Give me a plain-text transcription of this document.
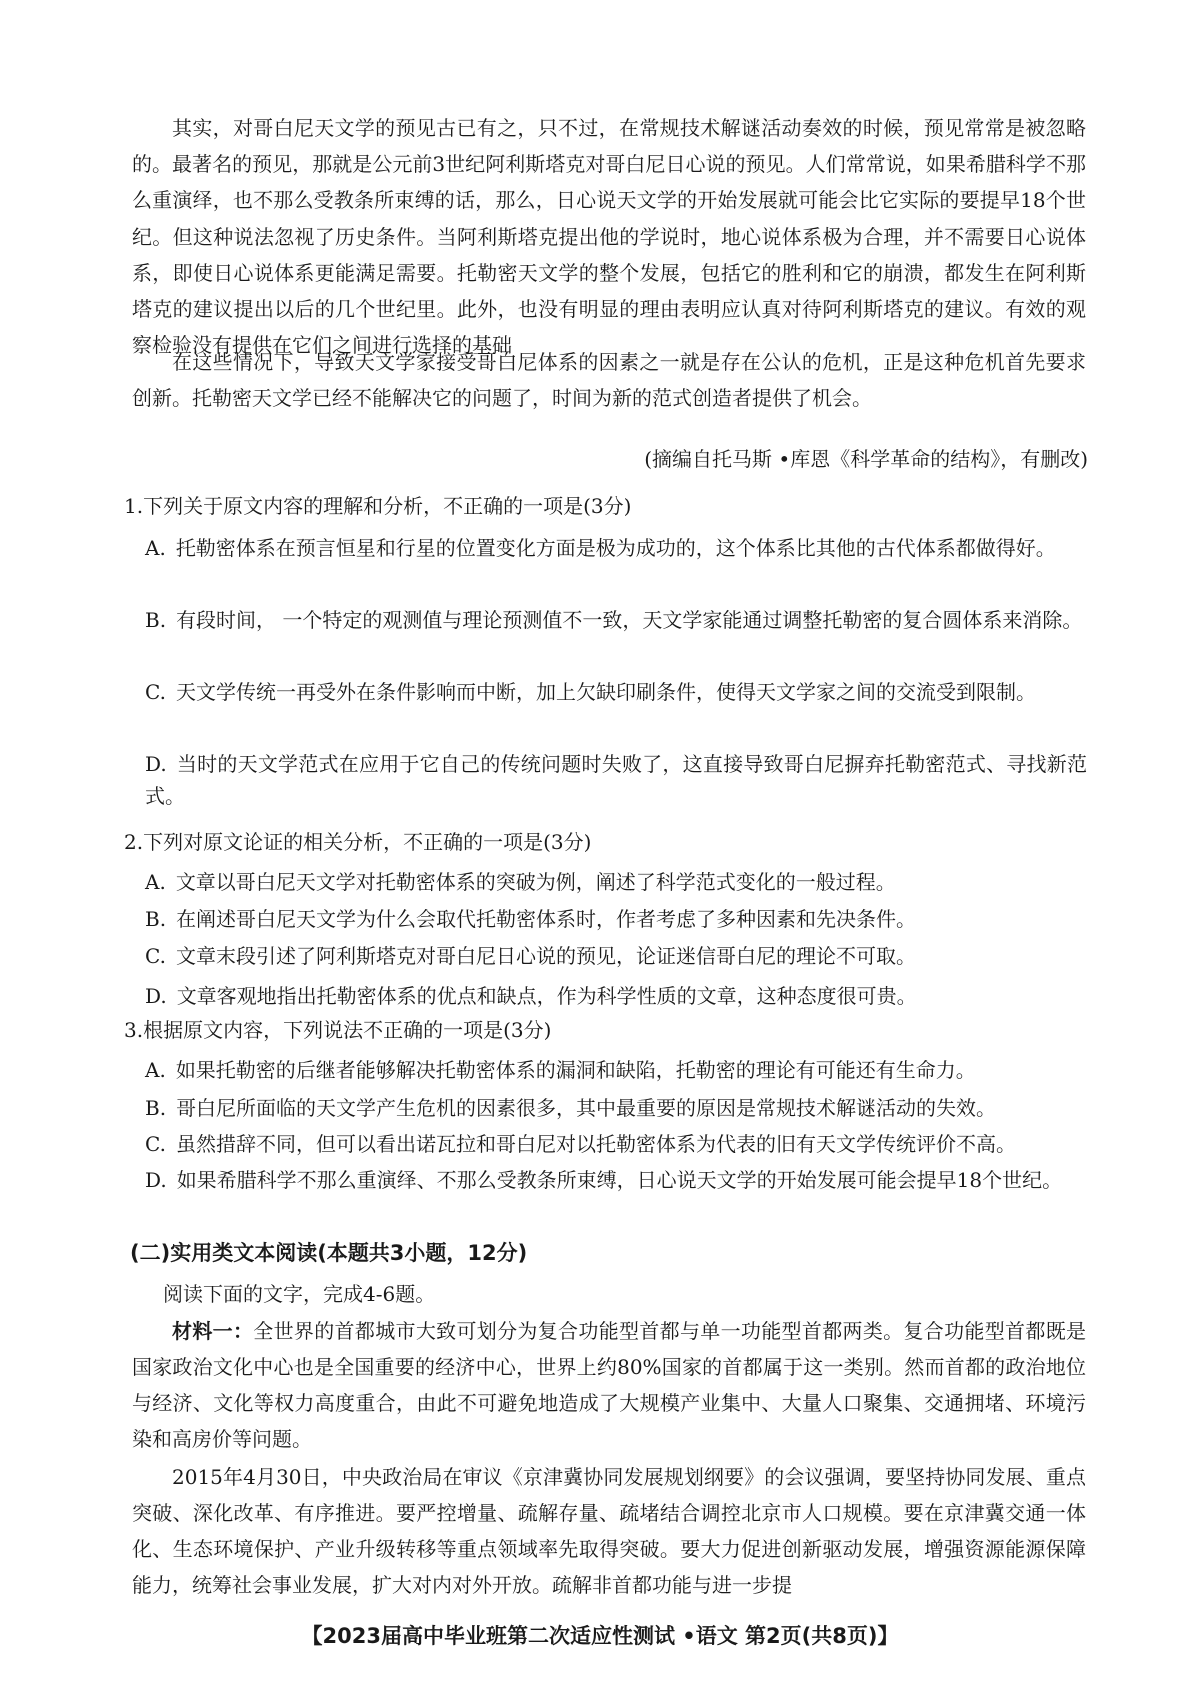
其实，对哥白尼天文学的预见古已有之，只不过，在常规技术解谜活动奏效的时候，预见常常是被忽略的。最著名的预见，那就是公元前3世纪阿利斯塔克对哥白尼日心说的预见。人们常常说，如果希腊科学不那么重演绎，也不那么受教条所束缚的话，那么，日心说天文学的开始发展就可能会比它实际的要提早18个世纪。但这种说法忽视了历史条件。当阿利斯塔克提出他的学说时，地心说体系极为合理，并不需要日心说体系，即使日心说体系更能满足需要。托勒密天文学的整个发展，包括它的胜利和它的崩溃，都发生在阿利斯塔克的建议提出以后的几个世纪里。此外，也没有明显的理由表明应认真对待阿利斯塔克的建议。有效的观察检验没有提供在它们之间进行选择的基础

在这些情况下，导致天文学家接受哥白尼体系的因素之一就是存在公认的危机，正是这种危机首先要求创新。托勒密天文学已经不能解决它的问题了，时间为新的范式创造者提供了机会。

(摘编自托马斯 •库恩《科学革命的结构》，有删改)

1.下列关于原文内容的理解和分析，不正确的一项是(3分)

A. 托勒密体系在预言恒星和行星的位置变化方面是极为成功的，这个体系比其他的古代体系都做得好。

B. 有段时间， 一个特定的观测值与理论预测值不一致，天文学家能通过调整托勒密的复合圆体系来消除。

C. 天文学传统一再受外在条件影响而中断，加上欠缺印刷条件，使得天文学家之间的交流受到限制。

D. 当时的天文学范式在应用于它自己的传统问题时失败了，这直接导致哥白尼摒弃托勒密范式、寻找新范式。

2.下列对原文论证的相关分析，不正确的一项是(3分)

A. 文章以哥白尼天文学对托勒密体系的突破为例，阐述了科学范式变化的一般过程。

B. 在阐述哥白尼天文学为什么会取代托勒密体系时，作者考虑了多种因素和先决条件。

C. 文章末段引述了阿利斯塔克对哥白尼日心说的预见，论证迷信哥白尼的理论不可取。

D. 文章客观地指出托勒密体系的优点和缺点，作为科学性质的文章，这种态度很可贵。

3.根据原文内容，下列说法不正确的一项是(3分)

A. 如果托勒密的后继者能够解决托勒密体系的漏洞和缺陷，托勒密的理论有可能还有生命力。

B. 哥白尼所面临的天文学产生危机的因素很多，其中最重要的原因是常规技术解谜活动的失效。

C. 虽然措辞不同，但可以看出诺瓦拉和哥白尼对以托勒密体系为代表的旧有天文学传统评价不高。

D. 如果希腊科学不那么重演绎、不那么受教条所束缚，日心说天文学的开始发展可能会提早18个世纪。

(二)实用类文本阅读(本题共3小题，12分)
阅读下面的文字，完成4-6题。

材料一：全世界的首都城市大致可划分为复合功能型首都与单一功能型首都两类。复合功能型首都既是国家政治文化中心也是全国重要的经济中心，世界上约80%国家的首都属于这一类别。然而首都的政治地位与经济、文化等权力高度重合，由此不可避免地造成了大规模产业集中、大量人口聚集、交通拥堵、环境污染和高房价等问题。

2015年4月30日，中央政治局在审议《京津冀协同发展规划纲要》的会议强调，要坚持协同发展、重点突破、深化改革、有序推进。要严控增量、疏解存量、疏堵结合调控北京市人口规模。要在京津冀交通一体化、生态环境保护、产业升级转移等重点领域率先取得突破。要大力促进创新驱动发展，增强资源能源保障能力，统筹社会事业发展，扩大对内对外开放。疏解非首都功能与进一步提

【2023届高中毕业班第二次适应性测试 •语文 第2页(共8页)】
